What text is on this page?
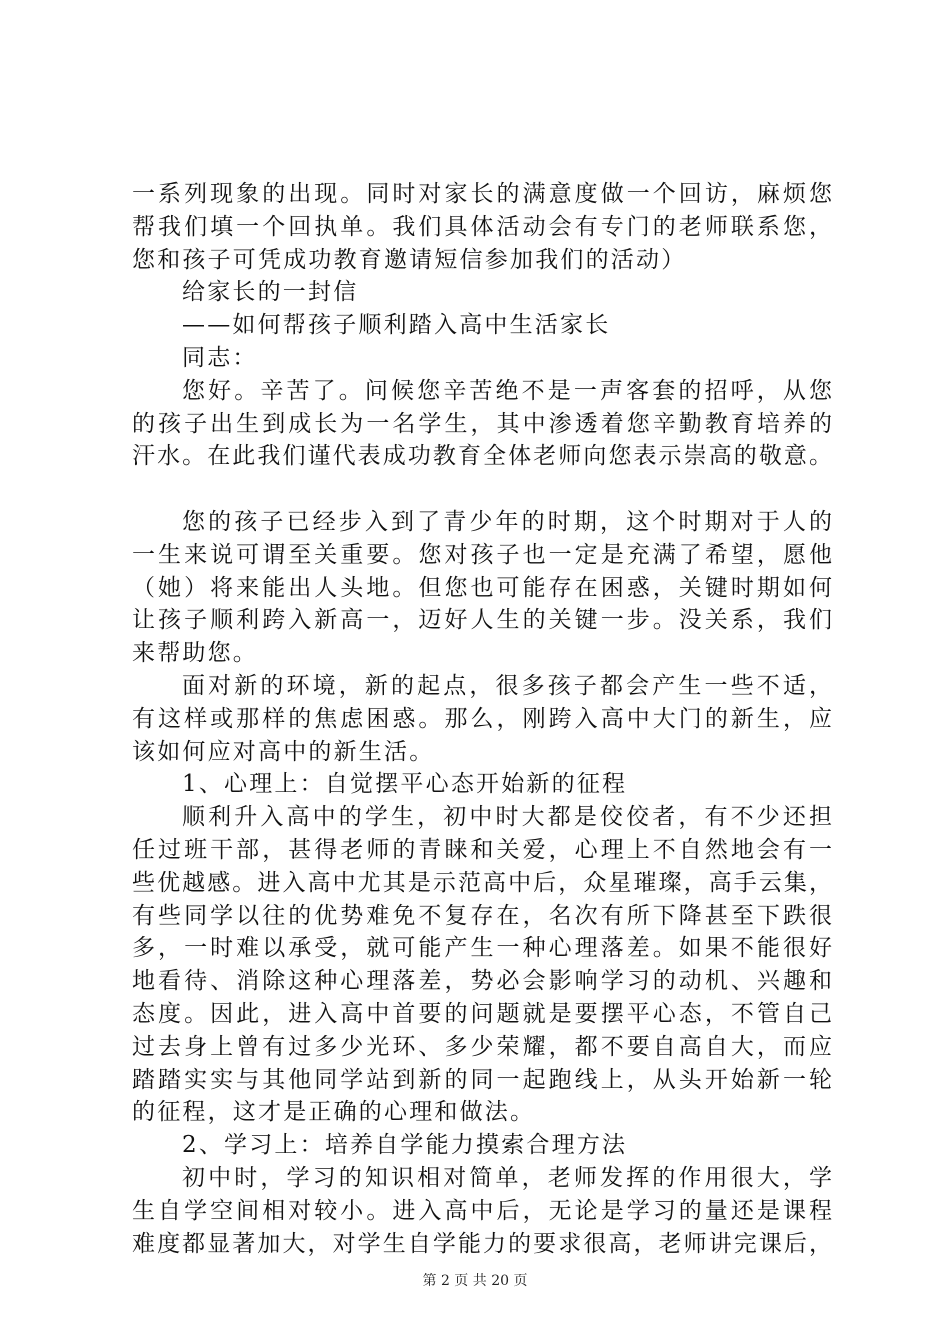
一系列现象的出现。同时对家长的满意度做一个回访，麻烦您
帮我们填一个回执单。我们具体活动会有专门的老师联系您，
您和孩子可凭成功教育邀请短信参加我们的活动）
给家长的一封信
——如何帮孩子顺利踏入高中生活家长
同志：
您好。辛苦了。问候您辛苦绝不是一声客套的招呼，从您
的孩子出生到成长为一名学生，其中渗透着您辛勤教育培养的
汗水。在此我们谨代表成功教育全体老师向您表示崇高的敬意。
您的孩子已经步入到了青少年的时期，这个时期对于人的
一生来说可谓至关重要。您对孩子也一定是充满了希望，愿他
（她）将来能出人头地。但您也可能存在困惑，关键时期如何
让孩子顺利跨入新高一，迈好人生的关键一步。没关系，我们
来帮助您。
面对新的环境，新的起点，很多孩子都会产生一些不适，
有这样或那样的焦虑困惑。那么，刚跨入高中大门的新生，应
该如何应对高中的新生活。
1、心理上：自觉摆平心态开始新的征程
顺利升入高中的学生，初中时大都是佼佼者，有不少还担
任过班干部，甚得老师的青睐和关爱，心理上不自然地会有一
些优越感。进入高中尤其是示范高中后，众星璀璨，高手云集，
有些同学以往的优势难免不复存在，名次有所下降甚至下跌很
多，一时难以承受，就可能产生一种心理落差。如果不能很好
地看待、消除这种心理落差，势必会影响学习的动机、兴趣和
态度。因此，进入高中首要的问题就是要摆平心态，不管自己
过去身上曾有过多少光环、多少荣耀，都不要自高自大，而应
踏踏实实与其他同学站到新的同一起跑线上，从头开始新一轮
的征程，这才是正确的心理和做法。
2、学习上：培养自学能力摸索合理方法
初中时，学习的知识相对简单，老师发挥的作用很大，学
生自学空间相对较小。进入高中后，无论是学习的量还是课程
难度都显著加大，对学生自学能力的要求很高，老师讲完课后，
第 2 页 共 20 页
